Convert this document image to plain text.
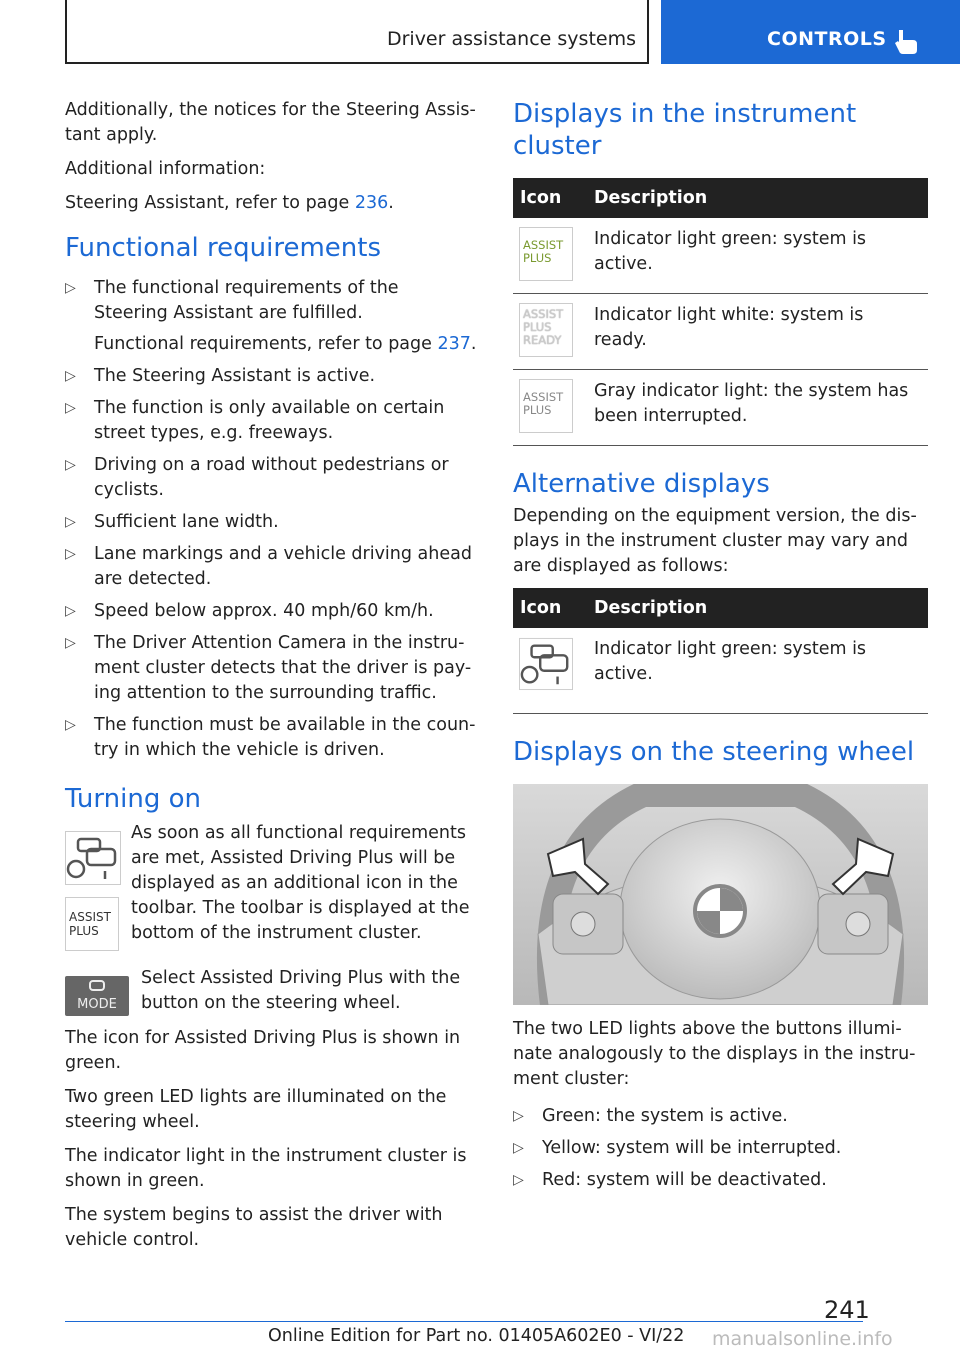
Driver assistance systems	CONTROLS

Additionally, the notices for the Steering Assis-tant apply.

Additional information:

Steering Assistant, refer to page 236.

Functional requirements
▷ The functional requirements of the Steering Assistant are fulfilled.
Functional requirements, refer to page 237.
▷ The Steering Assistant is active.
▷ The function is only available on certain street types, e.g. freeways.
▷ Driving on a road without pedestrians or cyclists.
▷ Sufficient lane width.
▷ Lane markings and a vehicle driving ahead are detected.
▷ Speed below approx. 40 mph/60 km/h.
▷ The Driver Attention Camera in the instru-ment cluster detects that the driver is pay-ing attention to the surrounding traffic.
▷ The function must be available in the coun-try in which the vehicle is driven.
Turning on
ASSIST PLUS

As soon as all functional requirements are met, Assisted Driving Plus will be displayed as an additional icon in the toolbar. The toolbar is displayed at the bottom of the instrument cluster.

MODE

Select Assisted Driving Plus with the button on the steering wheel.

The icon for Assisted Driving Plus is shown in green.

Two green LED lights are illuminated on the steering wheel.

The indicator light in the instrument cluster is shown in green.

The system begins to assist the driver with vehicle control.

Displays in the instrument cluster
Icon	Description

ASSIST PLUS	Indicator light green: system is active.

ASSIST PLUS READY	Indicator light white: system is ready.

ASSIST PLUS	Gray indicator light: the system has been interrupted.
Alternative displays

Depending on the equipment version, the dis-plays in the instrument cluster may vary and are displayed as follows:

Icon	Description
	Indicator light green: system is active.
Displays on the steering wheel

The two LED lights above the buttons illumi-nate analogously to the displays in the instru-ment cluster:

▷ Green: the system is active.
▷ Yellow: system will be interrupted.
▷ Red: system will be deactivated.
241
Online Edition for Part no. 01405A602E0 - VI/22 manualsonline.info
